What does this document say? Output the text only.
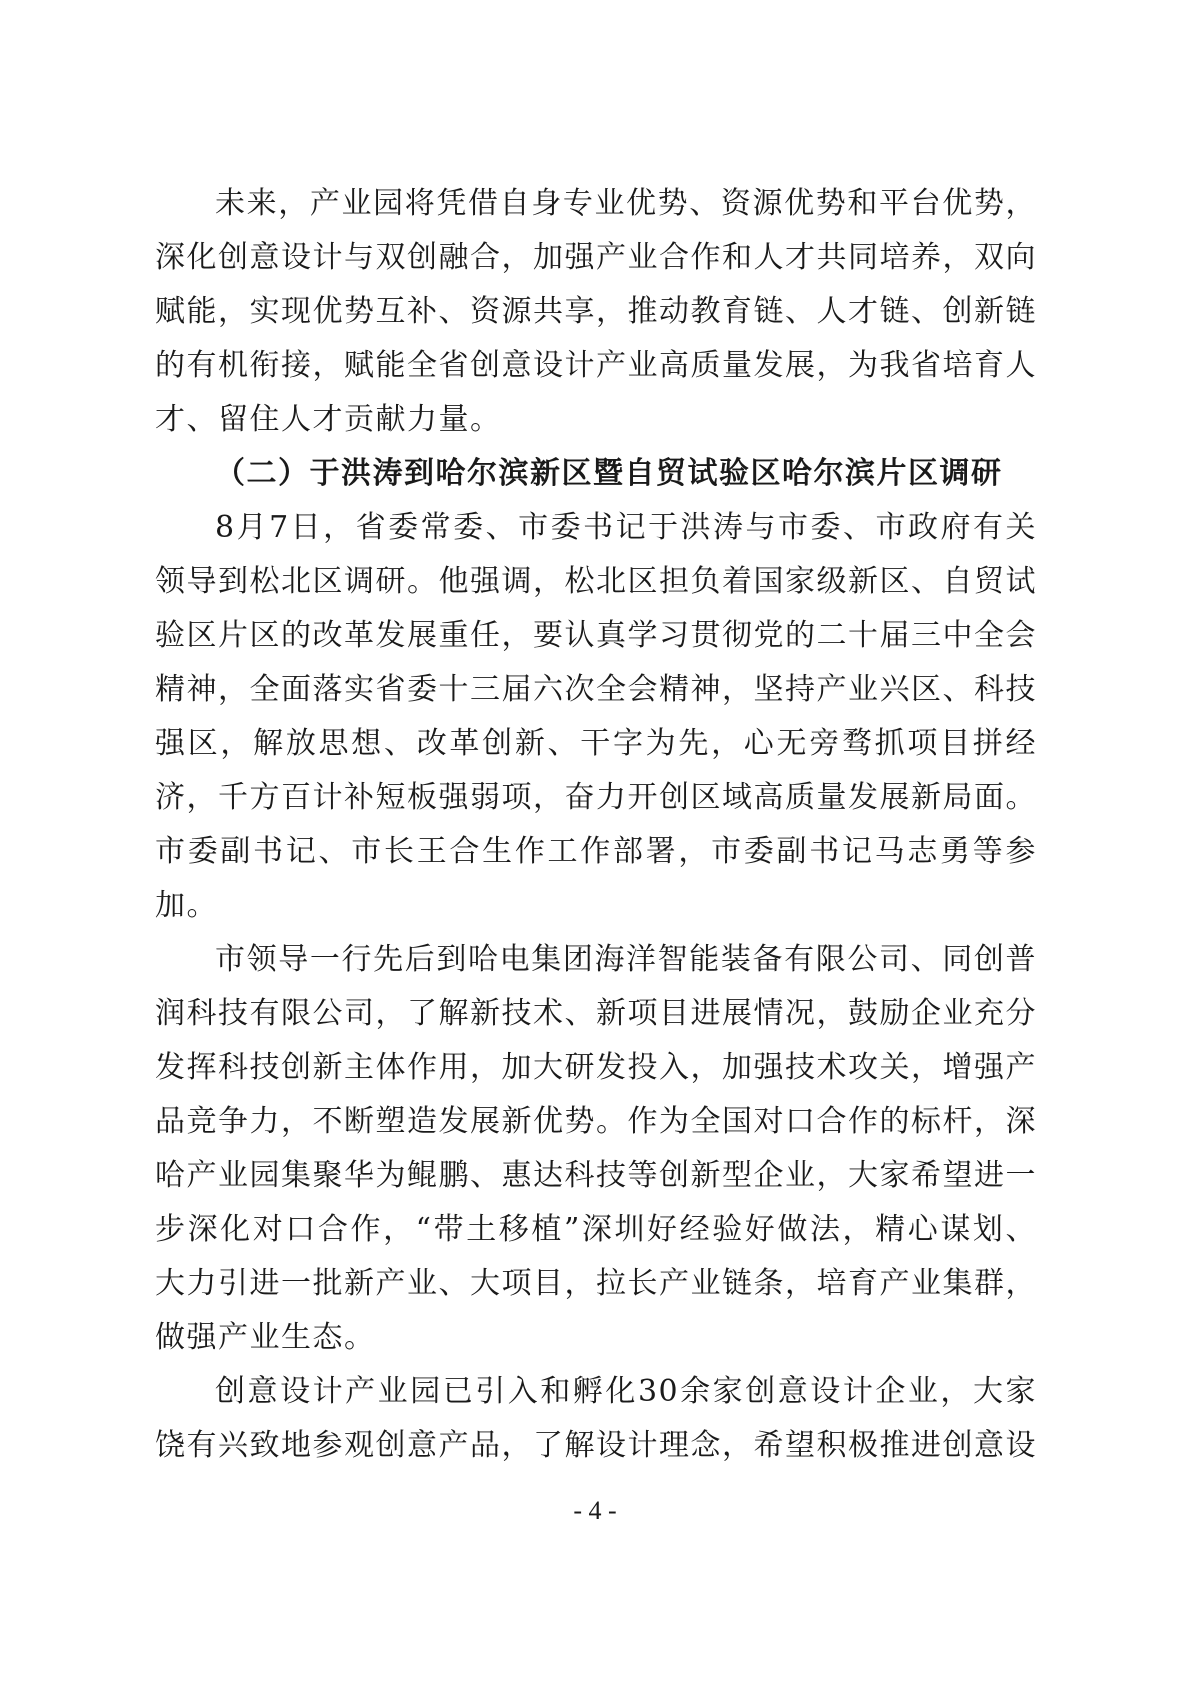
未来，产业园将凭借自身专业优势、资源优势和平台优势，深化创意设计与双创融合，加强产业合作和人才共同培养，双向赋能，实现优势互补、资源共享，推动教育链、人才链、创新链的有机衔接，赋能全省创意设计产业高质量发展，为我省培育人才、留住人才贡献力量。

（二）于洪涛到哈尔滨新区暨自贸试验区哈尔滨片区调研

8月7日，省委常委、市委书记于洪涛与市委、市政府有关领导到松北区调研。他强调，松北区担负着国家级新区、自贸试验区片区的改革发展重任，要认真学习贯彻党的二十届三中全会精神，全面落实省委十三届六次全会精神，坚持产业兴区、科技强区，解放思想、改革创新、干字为先，心无旁骛抓项目拼经济，千方百计补短板强弱项，奋力开创区域高质量发展新局面。市委副书记、市长王合生作工作部署，市委副书记马志勇等参加。

市领导一行先后到哈电集团海洋智能装备有限公司、同创普润科技有限公司，了解新技术、新项目进展情况，鼓励企业充分发挥科技创新主体作用，加大研发投入，加强技术攻关，增强产品竞争力，不断塑造发展新优势。作为全国对口合作的标杆，深哈产业园集聚华为鲲鹏、惠达科技等创新型企业，大家希望进一步深化对口合作，“带土移植”深圳好经验好做法，精心谋划、大力引进一批新产业、大项目，拉长产业链条，培育产业集群，做强产业生态。

创意设计产业园已引入和孵化30余家创意设计企业，大家饶有兴致地参观创意产品，了解设计理念，希望积极推进创意设

- 4 -
